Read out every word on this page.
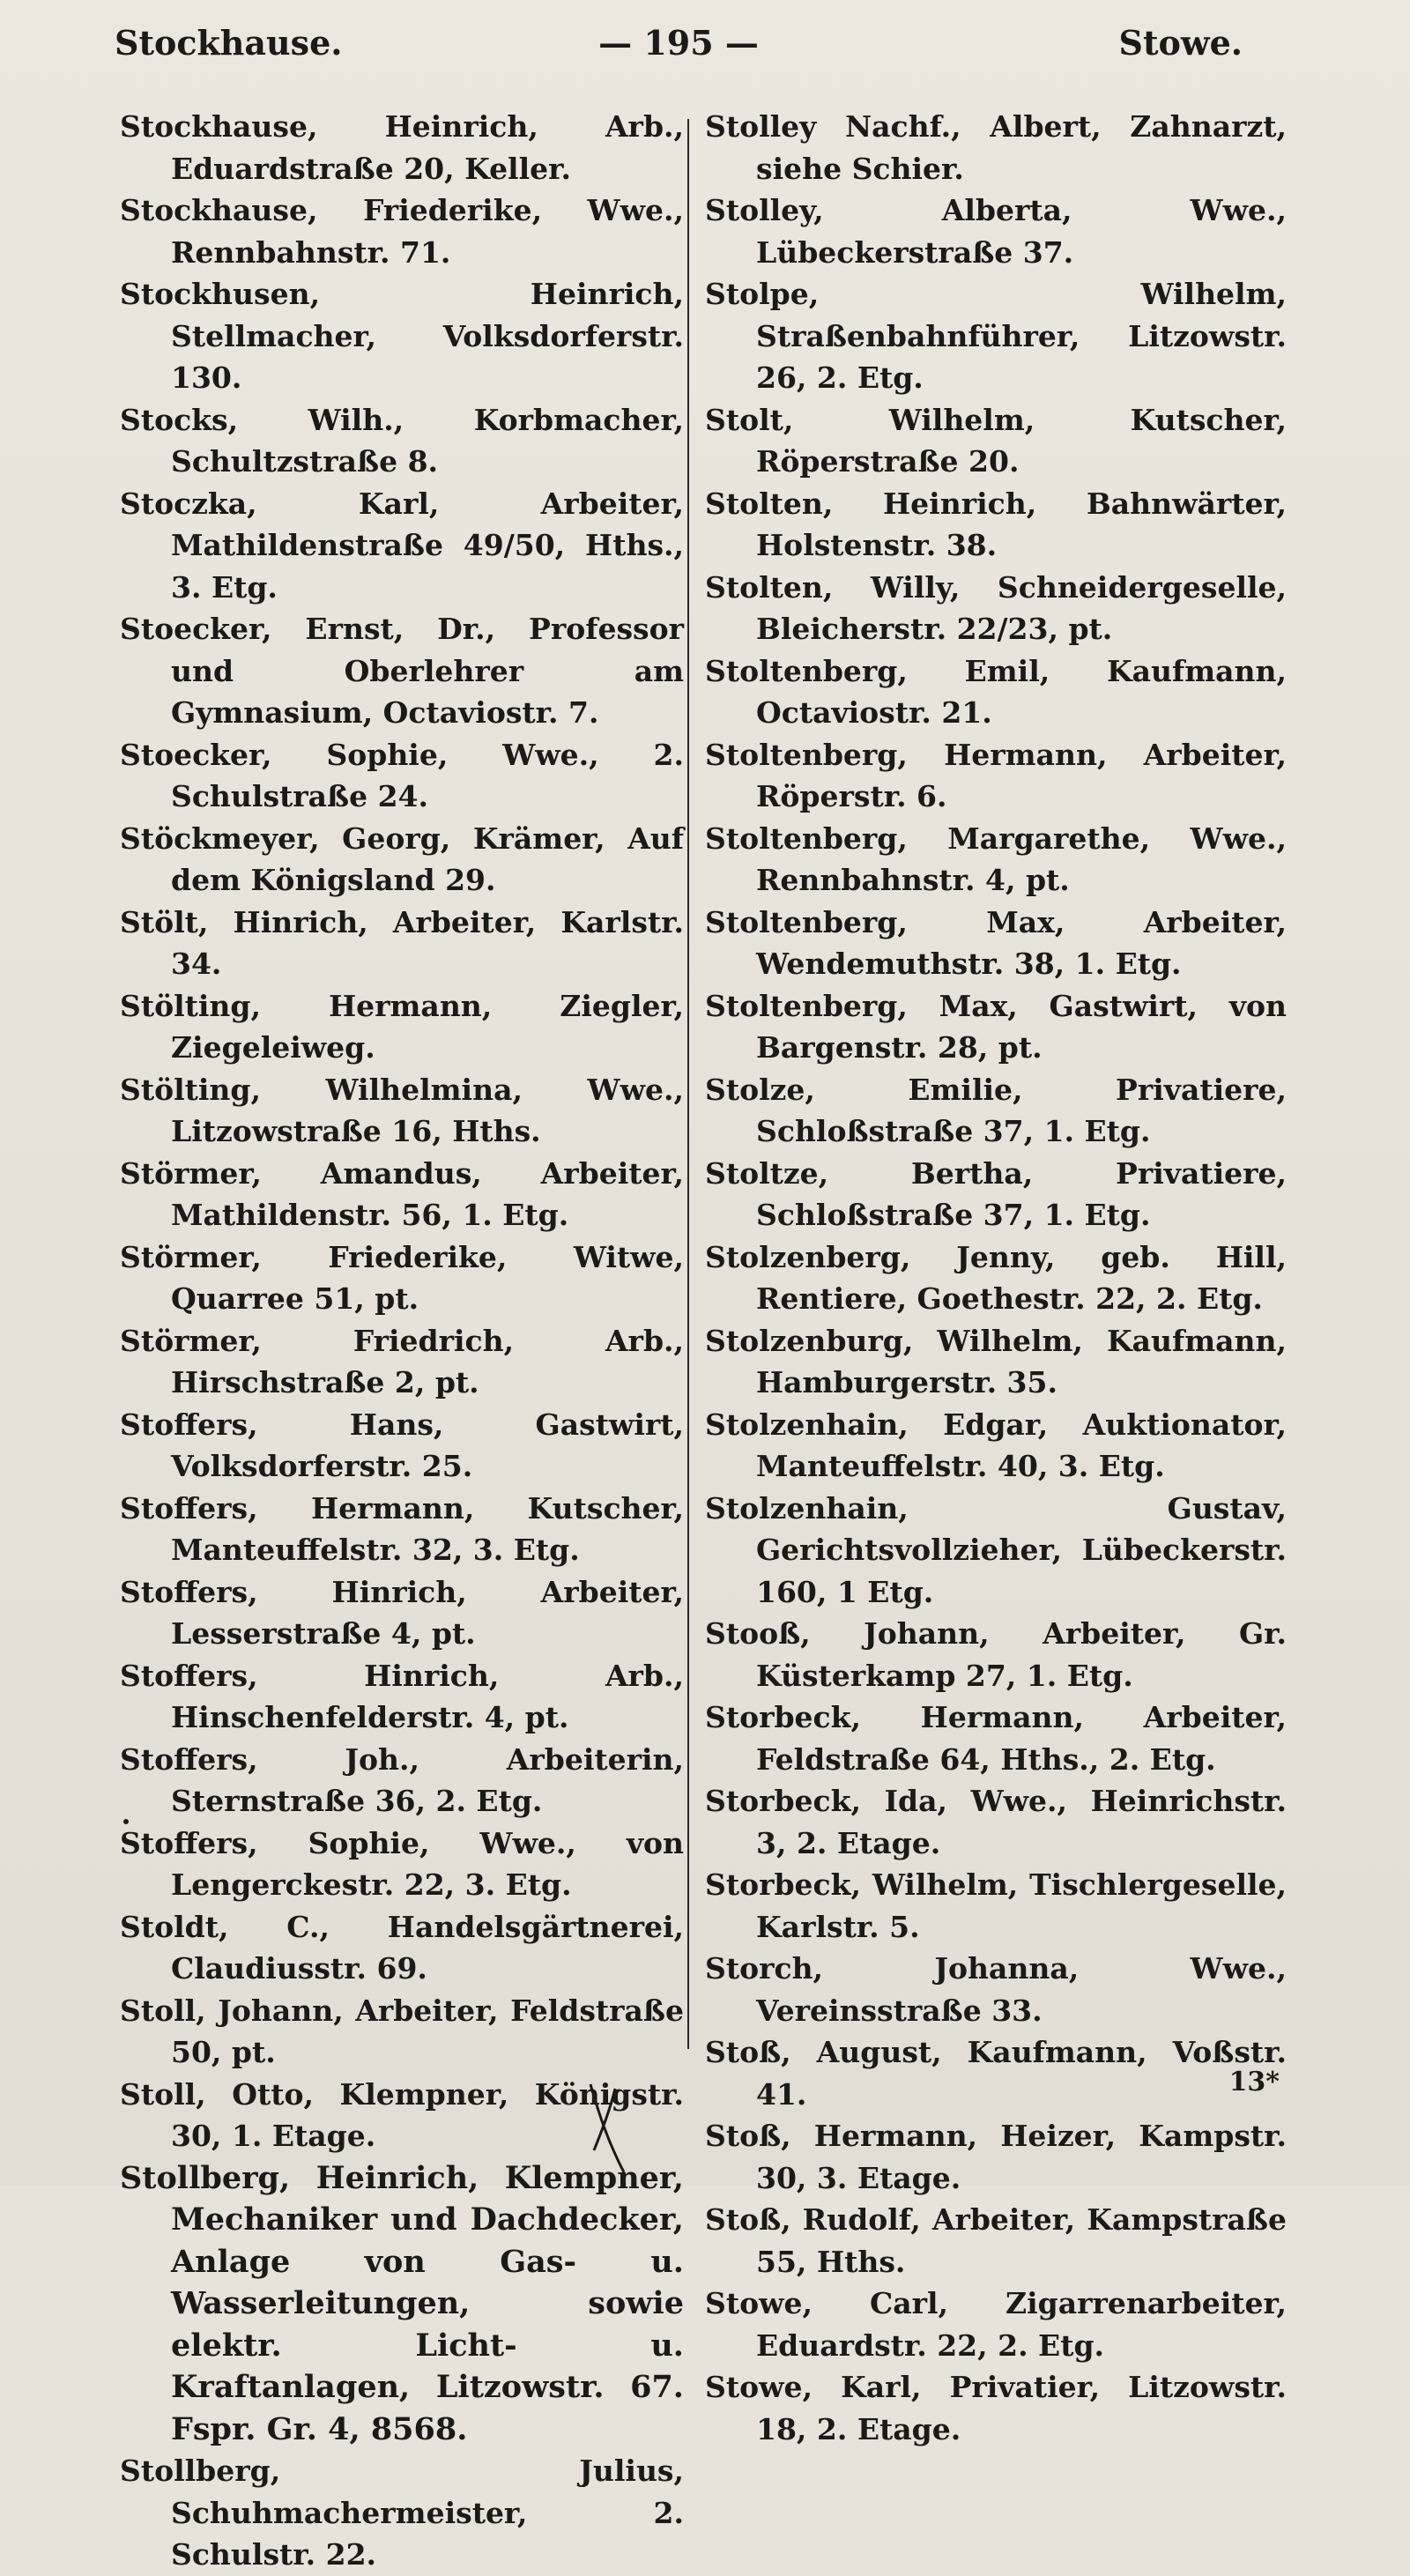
Stockhause.	— 195 —	Stowe.

Stockhause, Heinrich, Arb., Eduardstraße 20, Keller.

Stockhause, Friederike, Wwe., Rennbahnstr. 71.

Stockhusen, Heinrich, Stellmacher, Volksdorferstr. 130.

Stocks, Wilh., Korbmacher, Schultzstraße 8.

Stoczka, Karl, Arbeiter, Mathildenstraße 49/50, Hths., 3. Etg.

Stoecker, Ernst, Dr., Professor und Oberlehrer am Gymnasium, Octaviostr. 7.

Stoecker, Sophie, Wwe., 2. Schulstraße 24.

Stöckmeyer, Georg, Krämer, Auf dem Königsland 29.

Stölt, Hinrich, Arbeiter, Karlstr. 34.

Stölting, Hermann, Ziegler, Ziegeleiweg.

Stölting, Wilhelmina, Wwe., Litzowstraße 16, Hths.

Störmer, Amandus, Arbeiter, Mathildenstr. 56, 1. Etg.

Störmer, Friederike, Witwe, Quarree 51, pt.

Störmer, Friedrich, Arb., Hirschstraße 2, pt.

Stoffers, Hans, Gastwirt, Volksdorferstr. 25.

Stoffers, Hermann, Kutscher, Manteuffelstr. 32, 3. Etg.

Stoffers, Hinrich, Arbeiter, Lesserstraße 4, pt.

Stoffers, Hinrich, Arb., Hinschenfelderstr. 4, pt.

Stoffers, Joh., Arbeiterin, Sternstraße 36, 2. Etg.

Stoffers, Sophie, Wwe., von Lengerckestr. 22, 3. Etg.

Stoldt, C., Handelsgärtnerei, Claudiusstr. 69.

Stoll, Johann, Arbeiter, Feldstraße 50, pt.

Stoll, Otto, Klempner, Königstr. 30, 1. Etage.

Stollberg, Heinrich, Klempner, Mechaniker und Dachdecker, Anlage von Gas- u. Wasserleitungen, sowie elektr. Licht- u. Kraftanlagen, Litzowstr. 67. Fspr. Gr. 4, 8568.

Stollberg, Julius, Schuhmachermeister, 2. Schulstr. 22.

Stolley Nachf., Albert, Zahnarzt, siehe Schier.

Stolley, Alberta, Wwe., Lübeckerstraße 37.

Stolpe, Wilhelm, Straßenbahnführer, Litzowstr. 26, 2. Etg.

Stolt, Wilhelm, Kutscher, Röperstraße 20.

Stolten, Heinrich, Bahnwärter, Holstenstr. 38.

Stolten, Willy, Schneidergeselle, Bleicherstr. 22/23, pt.

Stoltenberg, Emil, Kaufmann, Octaviostr. 21.

Stoltenberg, Hermann, Arbeiter, Röperstr. 6.

Stoltenberg, Margarethe, Wwe., Rennbahnstr. 4, pt.

Stoltenberg, Max, Arbeiter, Wendemuthstr. 38, 1. Etg.

Stoltenberg, Max, Gastwirt, von Bargenstr. 28, pt.

Stolze, Emilie, Privatiere, Schloßstraße 37, 1. Etg.

Stoltze, Bertha, Privatiere, Schloßstraße 37, 1. Etg.

Stolzenberg, Jenny, geb. Hill, Rentiere, Goethestr. 22, 2. Etg.

Stolzenburg, Wilhelm, Kaufmann, Hamburgerstr. 35.

Stolzenhain, Edgar, Auktionator, Manteuffelstr. 40, 3. Etg.

Stolzenhain, Gustav, Gerichtsvollzieher, Lübeckerstr. 160, 1 Etg.

Stooß, Johann, Arbeiter, Gr. Küsterkamp 27, 1. Etg.

Storbeck, Hermann, Arbeiter, Feldstraße 64, Hths., 2. Etg.

Storbeck, Ida, Wwe., Heinrichstr. 3, 2. Etage.

Storbeck, Wilhelm, Tischlergeselle, Karlstr. 5.

Storch, Johanna, Wwe., Vereinsstraße 33.

Stoß, August, Kaufmann, Voßstr. 41.

Stoß, Hermann, Heizer, Kampstr. 30, 3. Etage.

Stoß, Rudolf, Arbeiter, Kampstraße 55, Hths.

Stowe, Carl, Zigarrenarbeiter, Eduardstr. 22, 2. Etg.

Stowe, Karl, Privatier, Litzowstr. 18, 2. Etage.

13*
